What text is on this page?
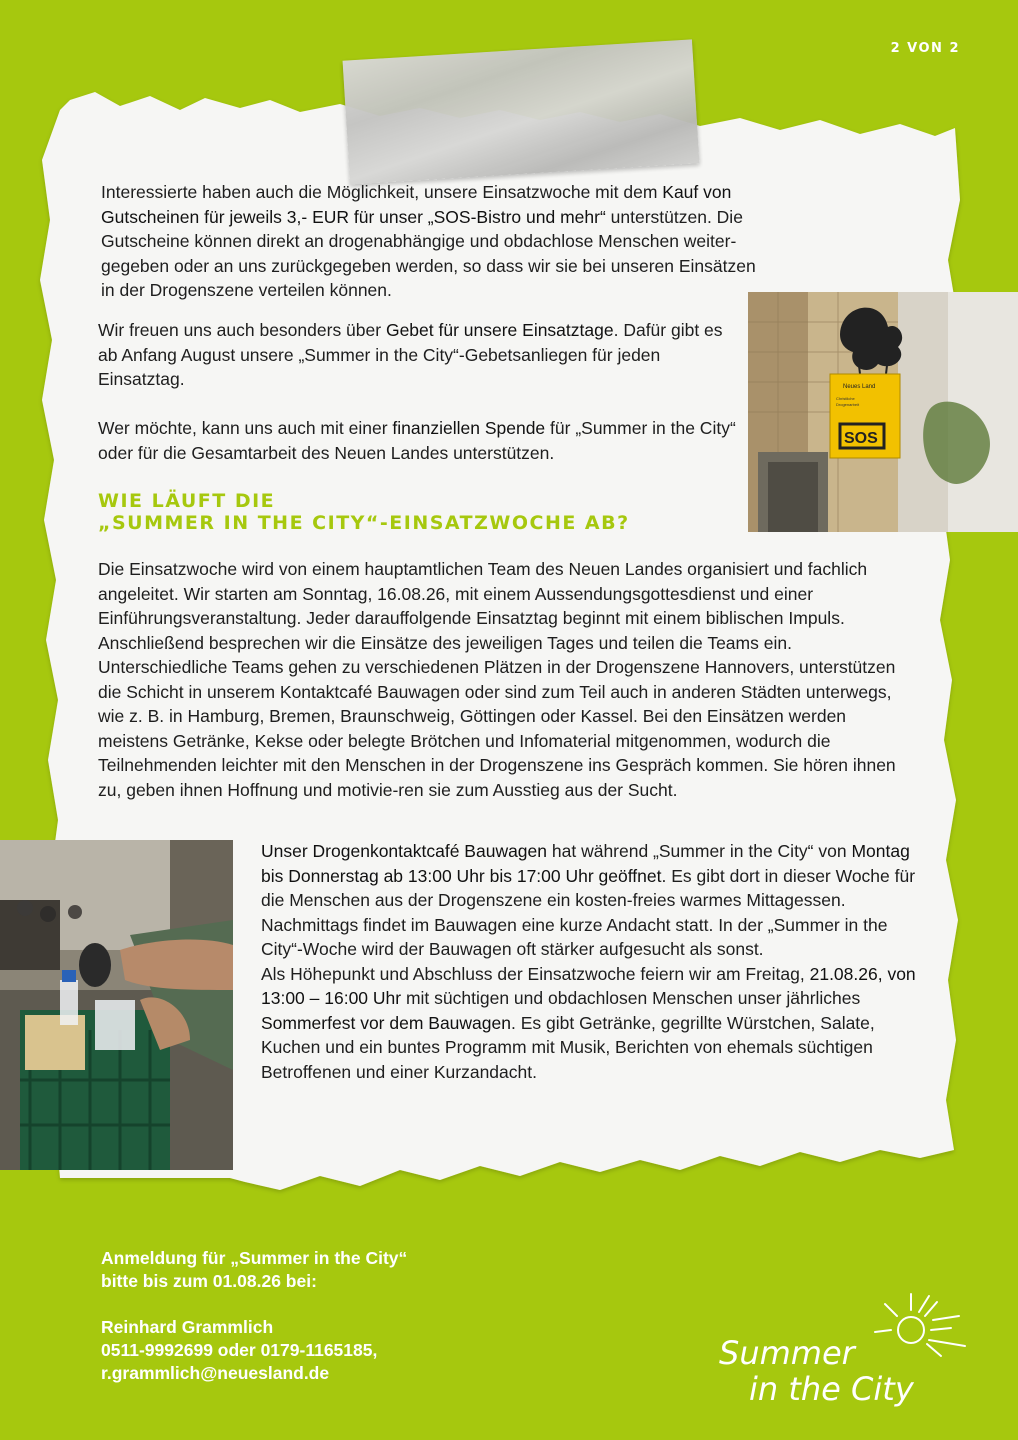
2 VON 2

Interessierte haben auch die Möglichkeit, unsere Einsatzwoche mit dem Kauf von Gutscheinen für jeweils 3,- EUR für unser „SOS-Bistro und mehr“ unterstützen. Die Gutscheine können direkt an drogenabhängige und obdachlose Menschen weiter-gegeben oder an uns zurückgegeben werden, so dass wir sie bei unseren Einsätzen in der Drogenszene verteilen können.

Wir freuen uns auch besonders über Gebet für unsere Einsatztage. Dafür gibt es ab Anfang August unsere „Summer in the City“-Gebetsanliegen für jeden Einsatztag.

Wer möchte, kann uns auch mit einer finanziellen Spende für „Summer in the City“ oder für die Gesamtarbeit des Neuen Landes unterstützen.

Neues Land
Christliche
Drogenarbeit
SOS
WIE LÄUFT DIE
„SUMMER IN THE CITY“-EINSATZWOCHE AB?

Die Einsatzwoche wird von einem hauptamtlichen Team des Neuen Landes organisiert und fachlich angeleitet. Wir starten am Sonntag, 16.08.26, mit einem Aussendungsgottesdienst und einer Einführungsveranstaltung. Jeder darauffolgende Einsatztag beginnt mit einem biblischen Impuls. Anschließend besprechen wir die Einsätze des jeweiligen Tages und teilen die Teams ein. Unterschiedliche Teams gehen zu verschiedenen Plätzen in der Drogenszene Hannovers, unterstützen die Schicht in unserem Kontaktcafé Bauwagen oder sind zum Teil auch in anderen Städten unterwegs, wie z. B. in Hamburg, Bremen, Braunschweig, Göttingen oder Kassel. Bei den Einsätzen werden meistens Getränke, Kekse oder belegte Brötchen und Infomaterial mitgenommen, wodurch die Teilnehmenden leichter mit den Menschen in der Drogenszene ins Gespräch kommen. Sie hören ihnen zu, geben ihnen Hoffnung und motivie-ren sie zum Ausstieg aus der Sucht.

Unser Drogenkontaktcafé Bauwagen hat während „Summer in the City“ von Montag bis Donnerstag ab 13:00 Uhr bis 17:00 Uhr geöffnet. Es gibt dort in dieser Woche für die Menschen aus der Drogenszene ein kosten-freies warmes Mittagessen. Nachmittags findet im Bauwagen eine kurze Andacht statt. In der „Summer in the City“-Woche wird der Bauwagen oft stärker aufgesucht als sonst.

Als Höhepunkt und Abschluss der Einsatzwoche feiern wir am Freitag, 21.08.26, von 13:00 – 16:00 Uhr mit süchtigen und obdachlosen Menschen unser jährliches Sommerfest vor dem Bauwagen. Es gibt Getränke, gegrillte Würstchen, Salate, Kuchen und ein buntes Programm mit Musik, Berichten von ehemals süchtigen Betroffenen und einer Kurzandacht.

Anmeldung für „Summer in the City“
bitte bis zum 01.08.26 bei:
Reinhard Grammlich
0511-9992699 oder 0179-1165185,
r.grammlich@neuesland.de
Summer
in the City
